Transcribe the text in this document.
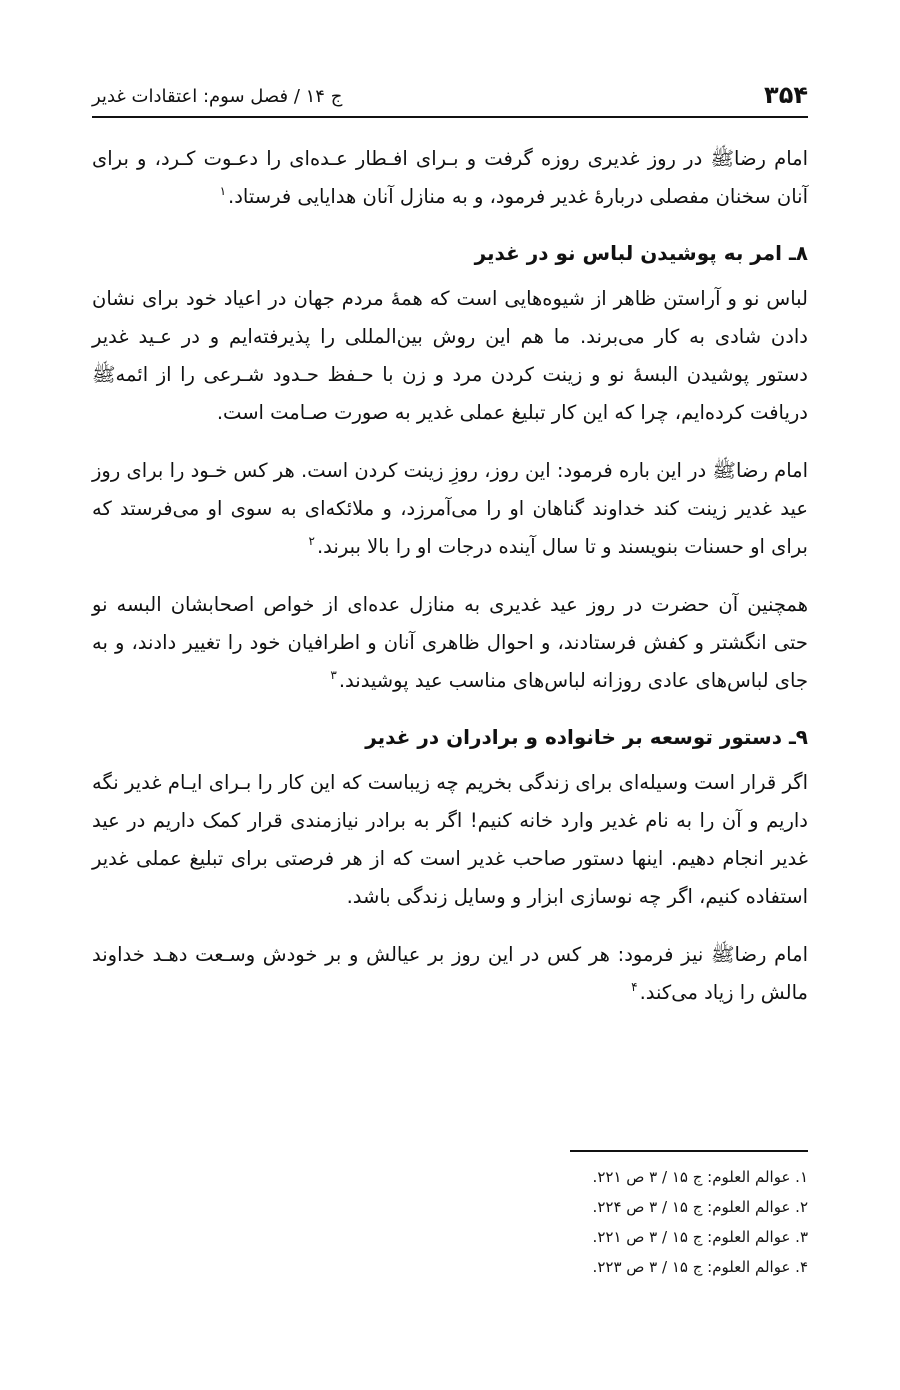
۳۵۴
ج ۱۴ / فصل سوم: اعتقادات غدیر

امام رضاﷺ در روز غدیری روزه گرفت و بـرای افـطار عـده‌ای را دعـوت کـرد، و برای آنان سخنان مفصلی دربارۀ غدیر فرمود، و به منازل آنان هدایایی فرستاد.$^۱$

۸ـ امر به پوشیدن لباس نو در غدیر

لباس نو و آراستن ظاهر از شیوه‌هایی است که همۀ مردم جهان در اعیاد خود برای نشان دادن شادی به کار می‌برند. ما هم این روش بین‌المللی را پذیرفته‌ایم و در عـید غدیر دستور پوشیدن البسۀ نو و زینت کردن مرد و زن با حـفظ حـدود شـرعی را از ائمهﷺ دریافت کرده‌ایم، چرا که این کار تبلیغ عملی غدیر به صورت صـامت است.

امام رضاﷺ در این باره فرمود: این روز، روزِ زینت کردن است. هر کس خـود را برای روز عید غدیر زینت کند خداوند گناهان او را می‌آمرزد، و ملائکه‌ای به سوی او می‌فرستد که برای او حسنات بنویسند و تا سال آینده درجات او را بالا ببرند.$^۲$

همچنین آن حضرت در روز عید غدیری به منازل عده‌ای از خواص اصحابشان البسه نو حتی انگشتر و کفش فرستادند، و احوال ظاهری آنان و اطرافیان خود را تغییر دادند، و به جای لباس‌های عادی روزانه لباس‌های مناسب عید پوشیدند.$^۳$

۹ـ دستور توسعه بر خانواده و برادران در غدیر

اگر قرار است وسیله‌ای برای زندگی بخریم چه زیباست که این کار را بـرای ایـام غدیر نگه داریم و آن را به نام غدیر وارد خانه کنیم! اگر به برادر نیازمندی قرار کمک داریم در عید غدیر انجام دهیم. اینها دستور صاحب غدیر است که از هر فرصتی برای تبلیغ عملی غدیر استفاده کنیم، اگر چه نوسازی ابزار و وسایل زندگی باشد.

امام رضاﷺ نیز فرمود: هر کس در این روز بر عیالش و بر خودش وسـعت دهـد خداوند مالش را زیاد می‌کند.$^۴$

۱. عوالم العلوم: ج ۱۵ / ۳ ص ۲۲۱.
۲. عوالم العلوم: ج ۱۵ / ۳ ص ۲۲۴.
۳. عوالم العلوم: ج ۱۵ / ۳ ص ۲۲۱.
۴. عوالم العلوم: ج ۱۵ / ۳ ص ۲۲۳.
